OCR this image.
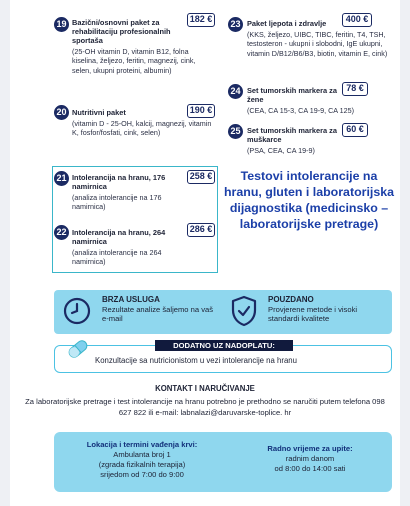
19 Bazični/osnovni paket za rehabilitaciju profesionalnih sportaša
182 €
(25-OH vitamin D, vitamin B12, folna kiselina, željezo, feritin, magnezij, cink, selen, ukupni proteini, albumin)
20 Nutritivni paket	190 €
(vitamin D - 25-OH, kalcij, magnezij, vitamin K, fosfor/fosfati, cink, selen)
21 Intolerancija na hranu, 176 namirnica
258 €
(analiza intolerancije na 176 namirnica)
22 Intolerancija na hranu, 264 namirnica
286 €
(analiza intolerancije na 264 namirnica)
23 Paket ljepota i zdravlje	400 €
(KKS, željezo, UIBC, TIBC, feritin, T4, TSH, testosteron - ukupni i slobodni, IgE ukupni, vitamin D/B12/B6/B3, biotin, vitamin E, cink)
24 Set tumorskih markera za žene
78 €
(CEA, CA 15-3, CA 19-9, CA 125)
25 Set tumorskih markera za muškarce
60 €
(PSA, CEA, CA 19-9)
Testovi intolerancije na hranu, gluten i laboratorijska dijagnostika (medicinsko – laboratorijske pretrage)
BRZA USLUGA
Rezultate analize šaljemo na vaš e-mail
POUZDANO
Provjerene metode i visoki standardi kvalitete
DODATNO UZ NADOPLATU:
Konzultacije sa nutricionistom u vezi intolerancije na hranu
KONTAKT I NARUČIVANJE
Za laboratorijske pretrage i test intolerancije na hranu potrebno je prethodno se naručiti putem telefona 098 627 822 ili e-mail: labnalazi@daruvarske-toplice. hr
Lokacija i termini vađenja krvi:
Ambulanta broj 1
(zgrada fizikalnih terapija)
srijedom od 7:00 do 9:00
Radno vrijeme za upite:
radnim danom
od 8:00 do 14:00 sati
